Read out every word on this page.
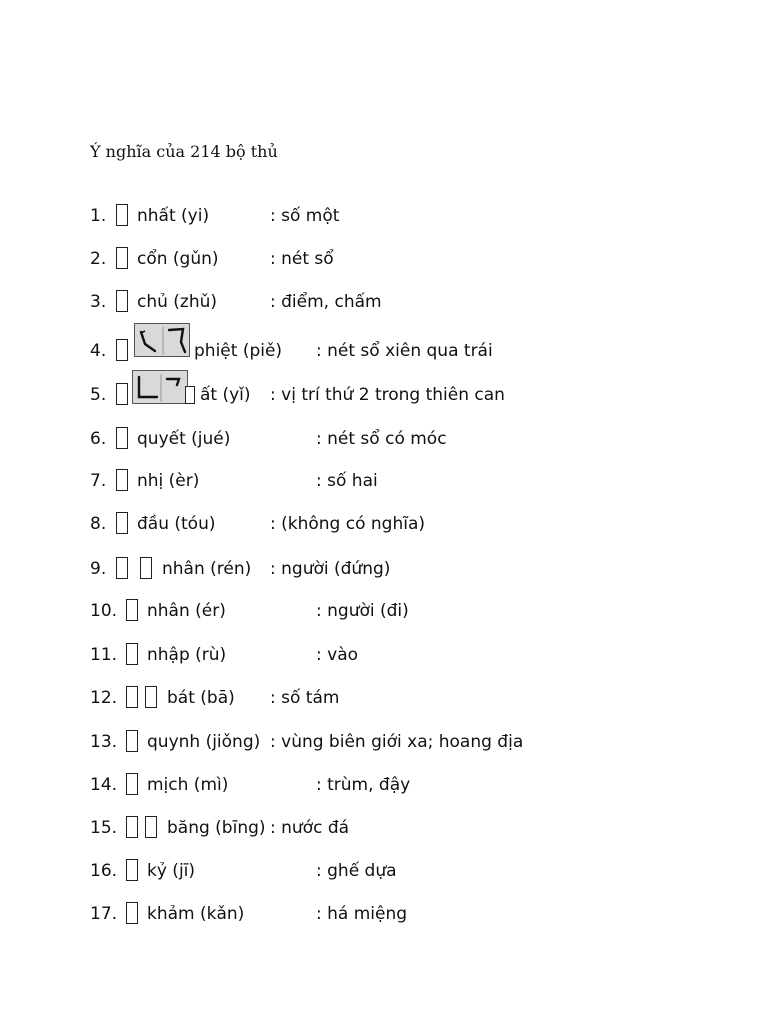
Ý nghĩa của 214 bộ thủ
1. nhất (yi)	: số một
2. cổn (gǔn)	: nét sổ
3. chủ (zhǔ)	: điểm, chấm
4.	phiệt (piě) : nét sổ xiên qua trái
5.	ất (yǐ) : vị trí thứ 2 trong thiên can
6. quyết (jué)	: nét sổ có móc
7. nhị (èr)	: số hai
8. đầu (tóu)	: (không có nghĩa)
9.	nhân (rén) : người (đứng)
10. nhân (ér)	: người (đi)
11. nhập (rù)	: vào
12.	bát (bā) : số tám
13. quynh (jiǒng) : vùng biên giới xa; hoang địa
14. mịch (mì)	: trùm, đậy
15.	băng (bīng) : nước đá
16. kỷ (jī)	: ghế dựa
17. khảm (kǎn)	: há miệng
